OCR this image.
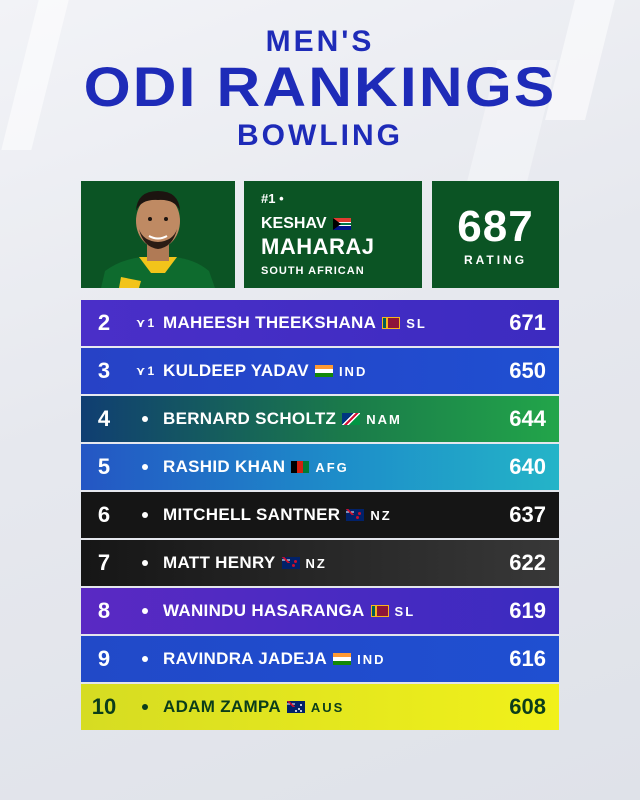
MEN'S
ODI RANKINGS
BOWLING
#1 •
KESHAV
MAHARAJ
SOUTH AFRICAN
687
RATING
2	⋎ 1 MAHEESH THEEKSHANA SL	671
3	⋎ 1 KULDEEP YADAV IND	650
4	BERNARD SCHOLTZ NAM	644
5	RASHID KHAN AFG	640
6	MITCHELL SANTNER NZ	637
7	MATT HENRY NZ	622
8	WANINDU HASARANGA SL	619
9	RAVINDRA JADEJA IND	616
10	ADAM ZAMPA AUS	608
